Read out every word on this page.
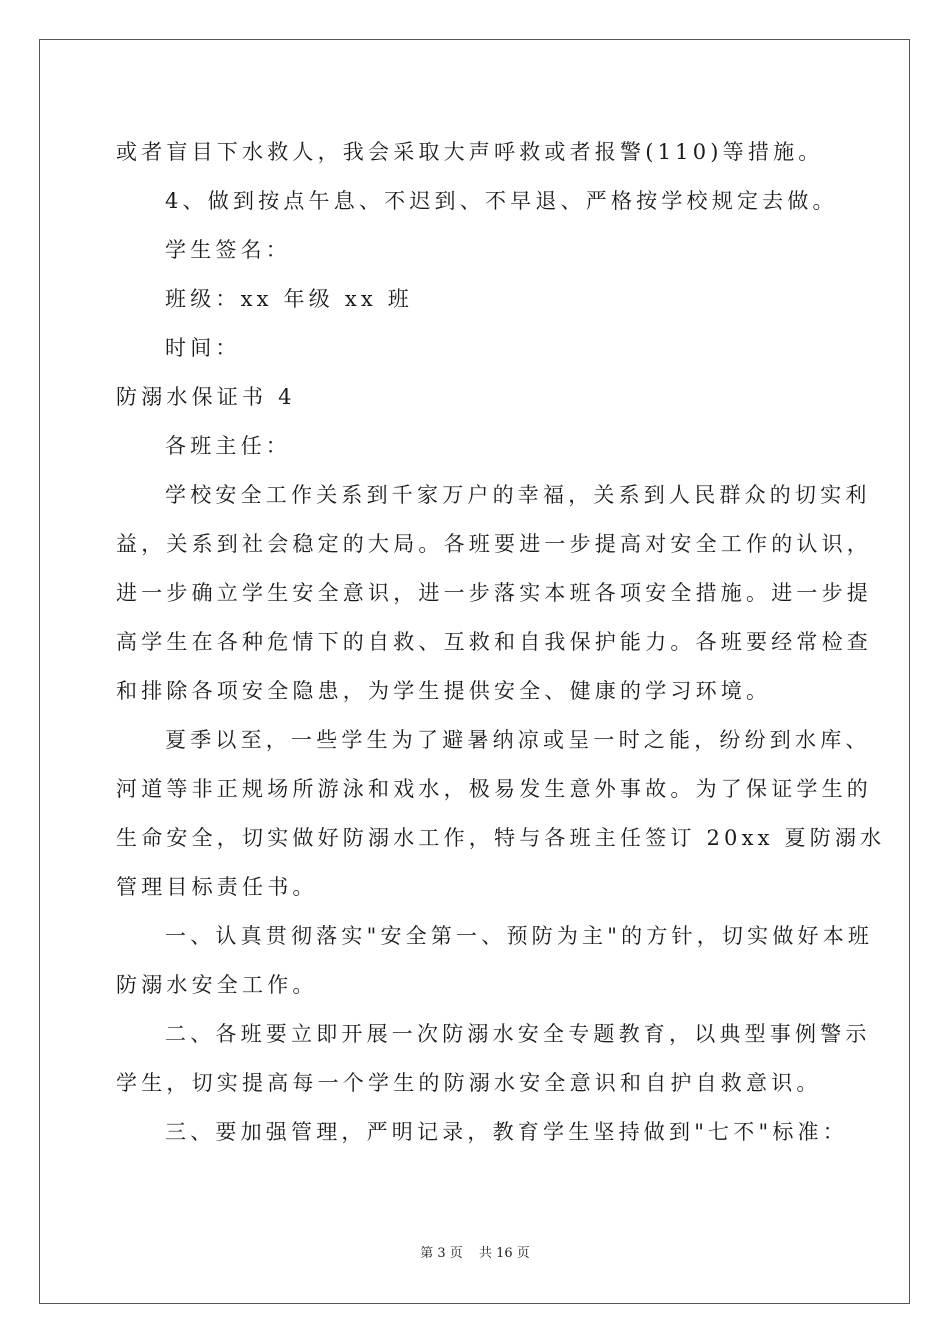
或者盲目下水救人，我会采取大声呼救或者报警(110)等措施。
4、做到按点午息、不迟到、不早退、严格按学校规定去做。
学生签名：
班级：xx 年级 xx 班
时间：
防溺水保证书 4
各班主任：
学校安全工作关系到千家万户的幸福，关系到人民群众的切实利
益，关系到社会稳定的大局。各班要进一步提高对安全工作的认识，
进一步确立学生安全意识，进一步落实本班各项安全措施。进一步提
高学生在各种危情下的自救、互救和自我保护能力。各班要经常检查
和排除各项安全隐患，为学生提供安全、健康的学习环境。
夏季以至，一些学生为了避暑纳凉或呈一时之能，纷纷到水库、
河道等非正规场所游泳和戏水，极易发生意外事故。为了保证学生的
生命安全，切实做好防溺水工作，特与各班主任签订 20xx 夏防溺水
管理目标责任书。
一、认真贯彻落实"安全第一、预防为主"的方针，切实做好本班
防溺水安全工作。
二、各班要立即开展一次防溺水安全专题教育，以典型事例警示
学生，切实提高每一个学生的防溺水安全意识和自护自救意识。
三、要加强管理，严明记录，教育学生坚持做到"七不"标准：
第 3 页 共 16 页
